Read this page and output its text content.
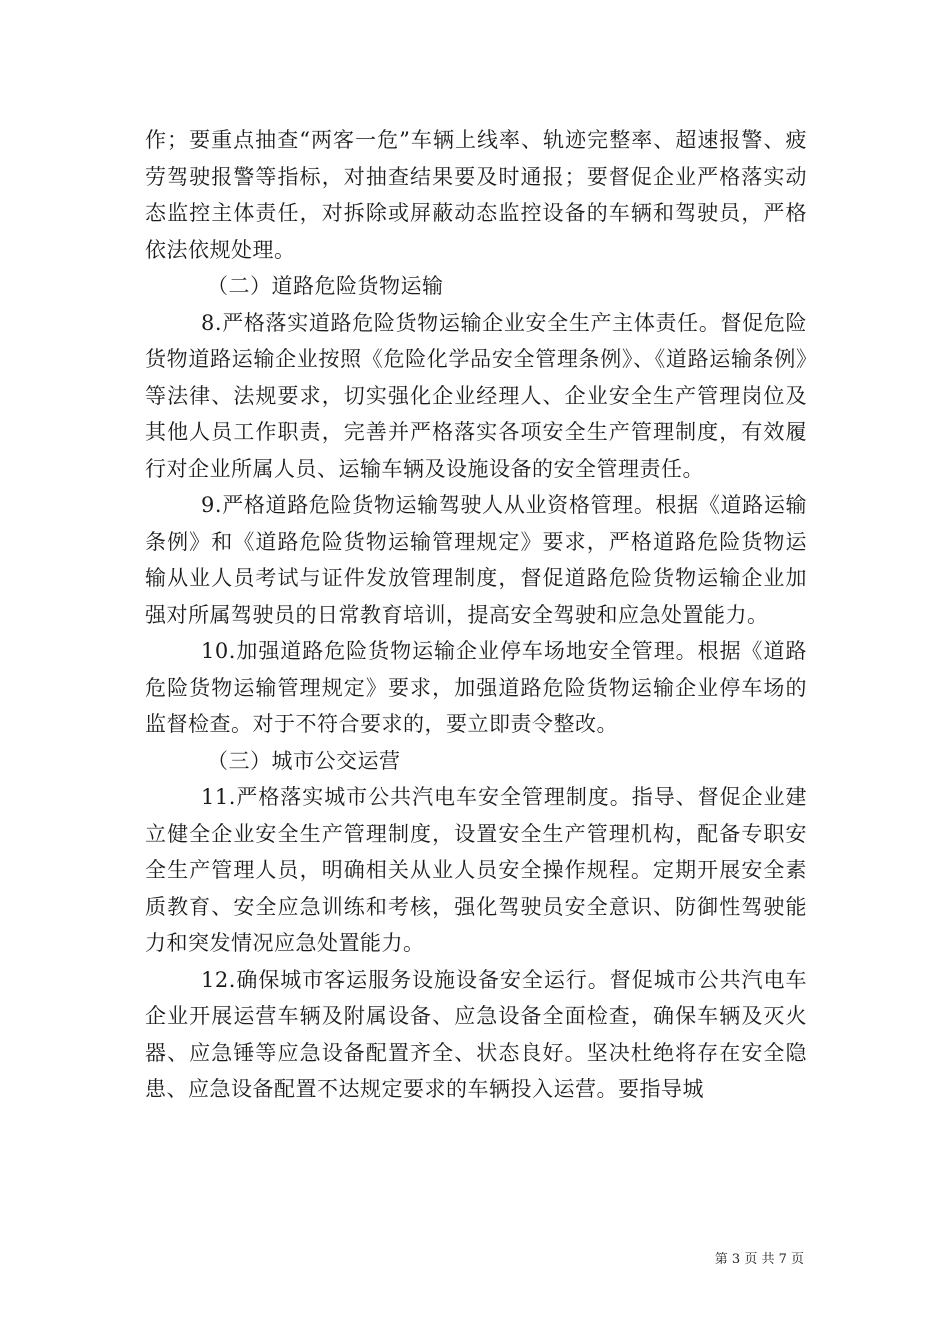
作；要重点抽查“两客一危”车辆上线率、轨迹完整率、超速报警、疲劳驾驶报警等指标，对抽查结果要及时通报；要督促企业严格落实动态监控主体责任，对拆除或屏蔽动态监控设备的车辆和驾驶员，严格依法依规处理。

（二）道路危险货物运输

8.严格落实道路危险货物运输企业安全生产主体责任。督促危险货物道路运输企业按照《危险化学品安全管理条例》、《道路运输条例》等法律、法规要求，切实强化企业经理人、企业安全生产管理岗位及其他人员工作职责，完善并严格落实各项安全生产管理制度，有效履行对企业所属人员、运输车辆及设施设备的安全管理责任。

9.严格道路危险货物运输驾驶人从业资格管理。根据《道路运输条例》和《道路危险货物运输管理规定》要求，严格道路危险货物运输从业人员考试与证件发放管理制度，督促道路危险货物运输企业加强对所属驾驶员的日常教育培训，提高安全驾驶和应急处置能力。

10.加强道路危险货物运输企业停车场地安全管理。根据《道路危险货物运输管理规定》要求，加强道路危险货物运输企业停车场的监督检查。对于不符合要求的，要立即责令整改。

（三）城市公交运营

11.严格落实城市公共汽电车安全管理制度。指导、督促企业建立健全企业安全生产管理制度，设置安全生产管理机构，配备专职安全生产管理人员，明确相关从业人员安全操作规程。定期开展安全素质教育、安全应急训练和考核，强化驾驶员安全意识、防御性驾驶能力和突发情况应急处置能力。

12.确保城市客运服务设施设备安全运行。督促城市公共汽电车企业开展运营车辆及附属设备、应急设备全面检查，确保车辆及灭火器、应急锤等应急设备配置齐全、状态良好。坚决杜绝将存在安全隐患、应急设备配置不达规定要求的车辆投入运营。要指导城

第 3 页 共 7 页
